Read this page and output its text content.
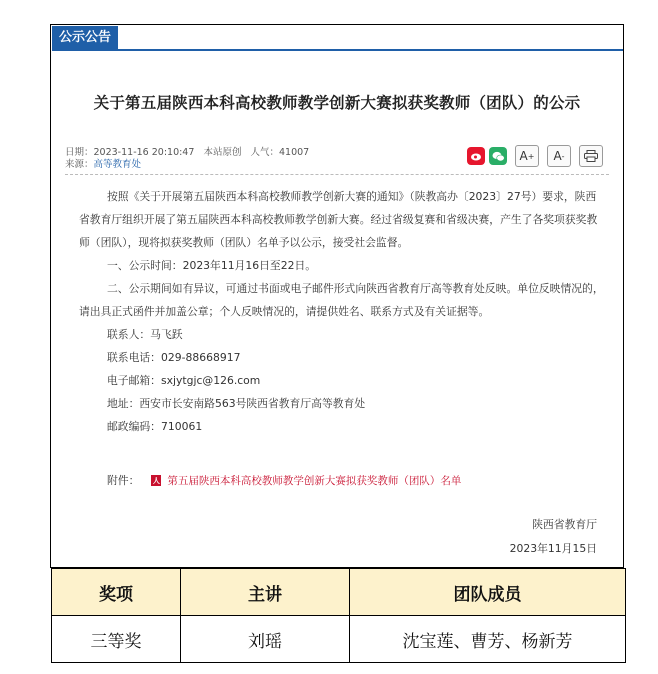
公示公告
关于第五届陕西本科高校教师教学创新大赛拟获奖教师（团队）的公示
日期：2023-11-16 20:10:47 本站原创 人气：41007
来源：高等教育处
A + A -

按照《关于开展第五届陕西本科高校教师教学创新大赛的通知》（陕教高办〔2023〕27号）要求，陕西省教育厅组织开展了第五届陕西本科高校教师教学创新大赛。经过省级复赛和省级决赛，产生了各奖项获奖教师（团队），现将拟获奖教师（团队）名单予以公示，接受社会监督。

一、公示时间：2023年11月16日至22日。

二、公示期间如有异议，可通过书面或电子邮件形式向陕西省教育厅高等教育处反映。单位反映情况的，请出具正式函件并加盖公章；个人反映情况的，请提供姓名、联系方式及有关证据等。

联系人：马飞跃
联系电话：029-88668917
电子邮箱：sxjytgjc@126.com
地址：西安市长安南路563号陕西省教育厅高等教育处
邮政编码：710061
附件： 人 第五届陕西本科高校教师教学创新大赛拟获奖教师（团队）名单
陕西省教育厅
2023年11月15日
奖项	主讲	团队成员
三等奖	刘瑶	沈宝莲、曹芳、杨新芳
